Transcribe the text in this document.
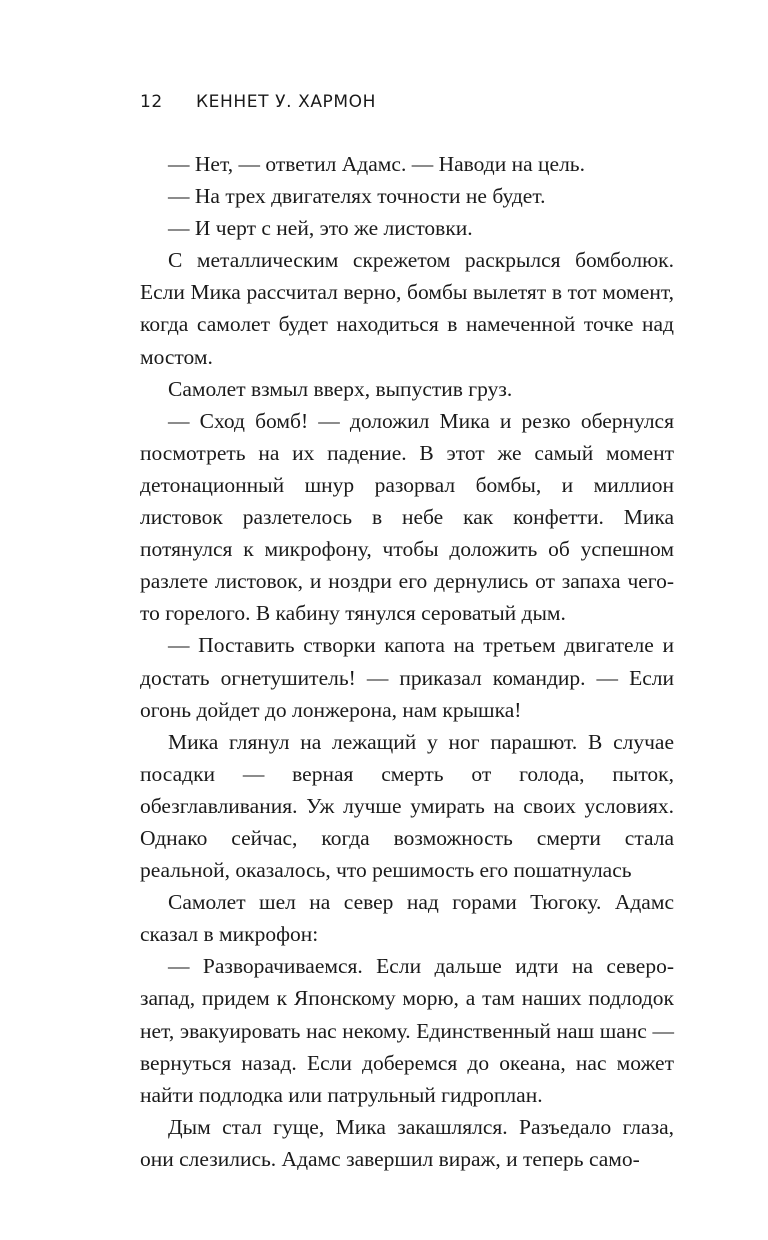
12	КЕННЕТ У. ХАРМОН

— Нет, — ответил Адамс. — Наводи на цель.

— На трех двигателях точности не будет.

— И черт с ней, это же листовки.

С металлическим скрежетом раскрылся бомболюк. Если Мика рассчитал верно, бомбы вылетят в тот момент, когда самолет будет находиться в намеченной точке над мостом.

Самолет взмыл вверх, выпустив груз.

— Сход бомб! — доложил Мика и резко обернулся посмотреть на их падение. В этот же самый момент детонационный шнур разорвал бомбы, и миллион листовок разлетелось в небе как конфетти. Мика потянулся к микрофону, чтобы доложить об успешном разлете листовок, и ноздри его дернулись от запаха чего-то горелого. В кабину тянулся сероватый дым.

— Поставить створки капота на третьем двигателе и достать огнетушитель! — приказал командир. — Если огонь дойдет до лонжерона, нам крышка!

Мика глянул на лежащий у ног парашют. В случае посадки — верная смерть от голода, пыток, обезглавливания. Уж лучше умирать на своих условиях. Однако сейчас, когда возможность смерти стала реальной, оказалось, что решимость его пошатнулась

Самолет шел на север над горами Тюгоку. Адамс сказал в микрофон:

— Разворачиваемся. Если дальше идти на северо-запад, придем к Японскому морю, а там наших подлодок нет, эвакуировать нас некому. Единственный наш шанс — вернуться назад. Если доберемся до океана, нас может найти подлодка или патрульный гидроплан.

Дым стал гуще, Мика закашлялся. Разъедало глаза, они слезились. Адамс завершил вираж, и теперь само-
